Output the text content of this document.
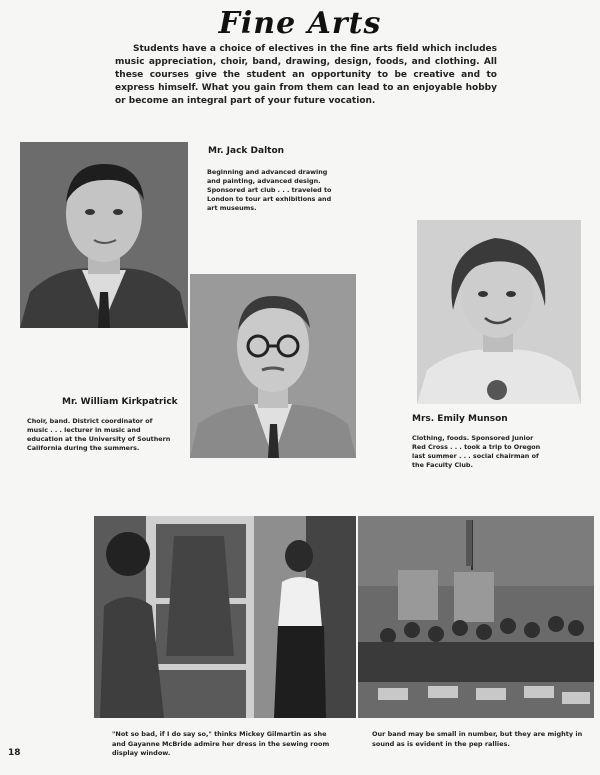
Fine Arts
Students have a choice of electives in the fine arts field which includes music appreciation, choir, band, drawing, design, foods, and clothing. All these courses give the student an opportunity to be creative and to express himself. What you gain from them can lead to an enjoyable hobby or become an integral part of your future vocation.
Mr. Jack Dalton
Beginning and advanced drawing and painting, advanced design. Sponsored art club . . . traveled to London to tour art exhibitions and art museums.
Mr. William Kirkpatrick
Choir, band. District coordinator of music . . . lecturer in music and education at the University of Southern California during the summers.
Mrs. Emily Munson
Clothing, foods. Sponsored Junior Red Cross . . . took a trip to Oregon last summer . . . social chairman of the Faculty Club.
"Not so bad, if I do say so," thinks Mickey Gilmartin as she and Gayanne McBride admire her dress in the sewing room display window.
Our band may be small in number, but they are mighty in sound as is evident in the pep rallies.
18
